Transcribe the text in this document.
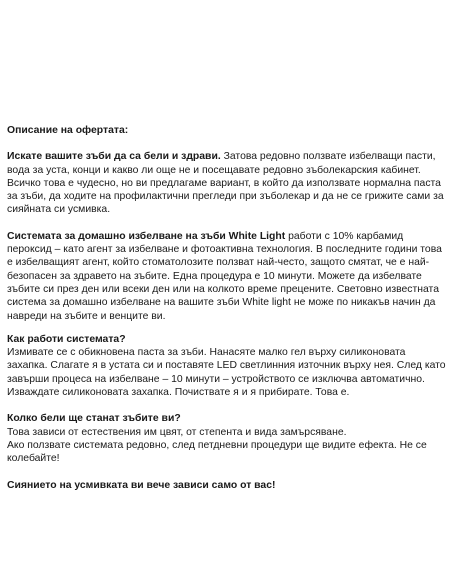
Описание на офертата:

Искате вашите зъби да са бели и здрави. Затова редовно ползвате избелващи пасти, вода за уста, конци и какво ли още не и посещавате редовно зъболекарския кабинет. Всичко това е чудесно, но ви предлагаме вариант, в който да използвате нормална паста за зъби, да ходите на профилактични прегледи при зъболекар и да не се грижите сами за сияйната си усмивка.

Системата за домашно избелване на зъби White Light работи с 10% карбамид пероксид – като агент за избелване и фотоактивна технология. В последните години това е избелващият агент, който стоматолозите ползват най-често, защото смятат, че е най-безопасен за здравето на зъбите. Една процедура е 10 минути. Можете да избелвате зъбите си през ден или всеки ден или на колкото време прецените. Световно известната система за домашно избелване на вашите зъби White light не може по никакъв начин да навреди на зъбите и венците ви.

Как работи системата?

Измивате се с обикновена паста за зъби. Нанасяте малко гел върху силиконовата захапка. Слагате я в устата си и поставяте LED светлинния източник върху нея. След като завърши процеса на избелване – 10 минути – устройството се изключва автоматично. Изваждате силиконовата захапка. Почиствате я и я прибирате. Това е.

Колко бели ще станат зъбите ви?

Това зависи от естествения им цвят, от степента и вида замърсяване.

Ако ползвате системата редовно, след петдневни процедури ще видите ефекта. Не се колебайте!

Сиянието на усмивката ви вече зависи само от вас!
